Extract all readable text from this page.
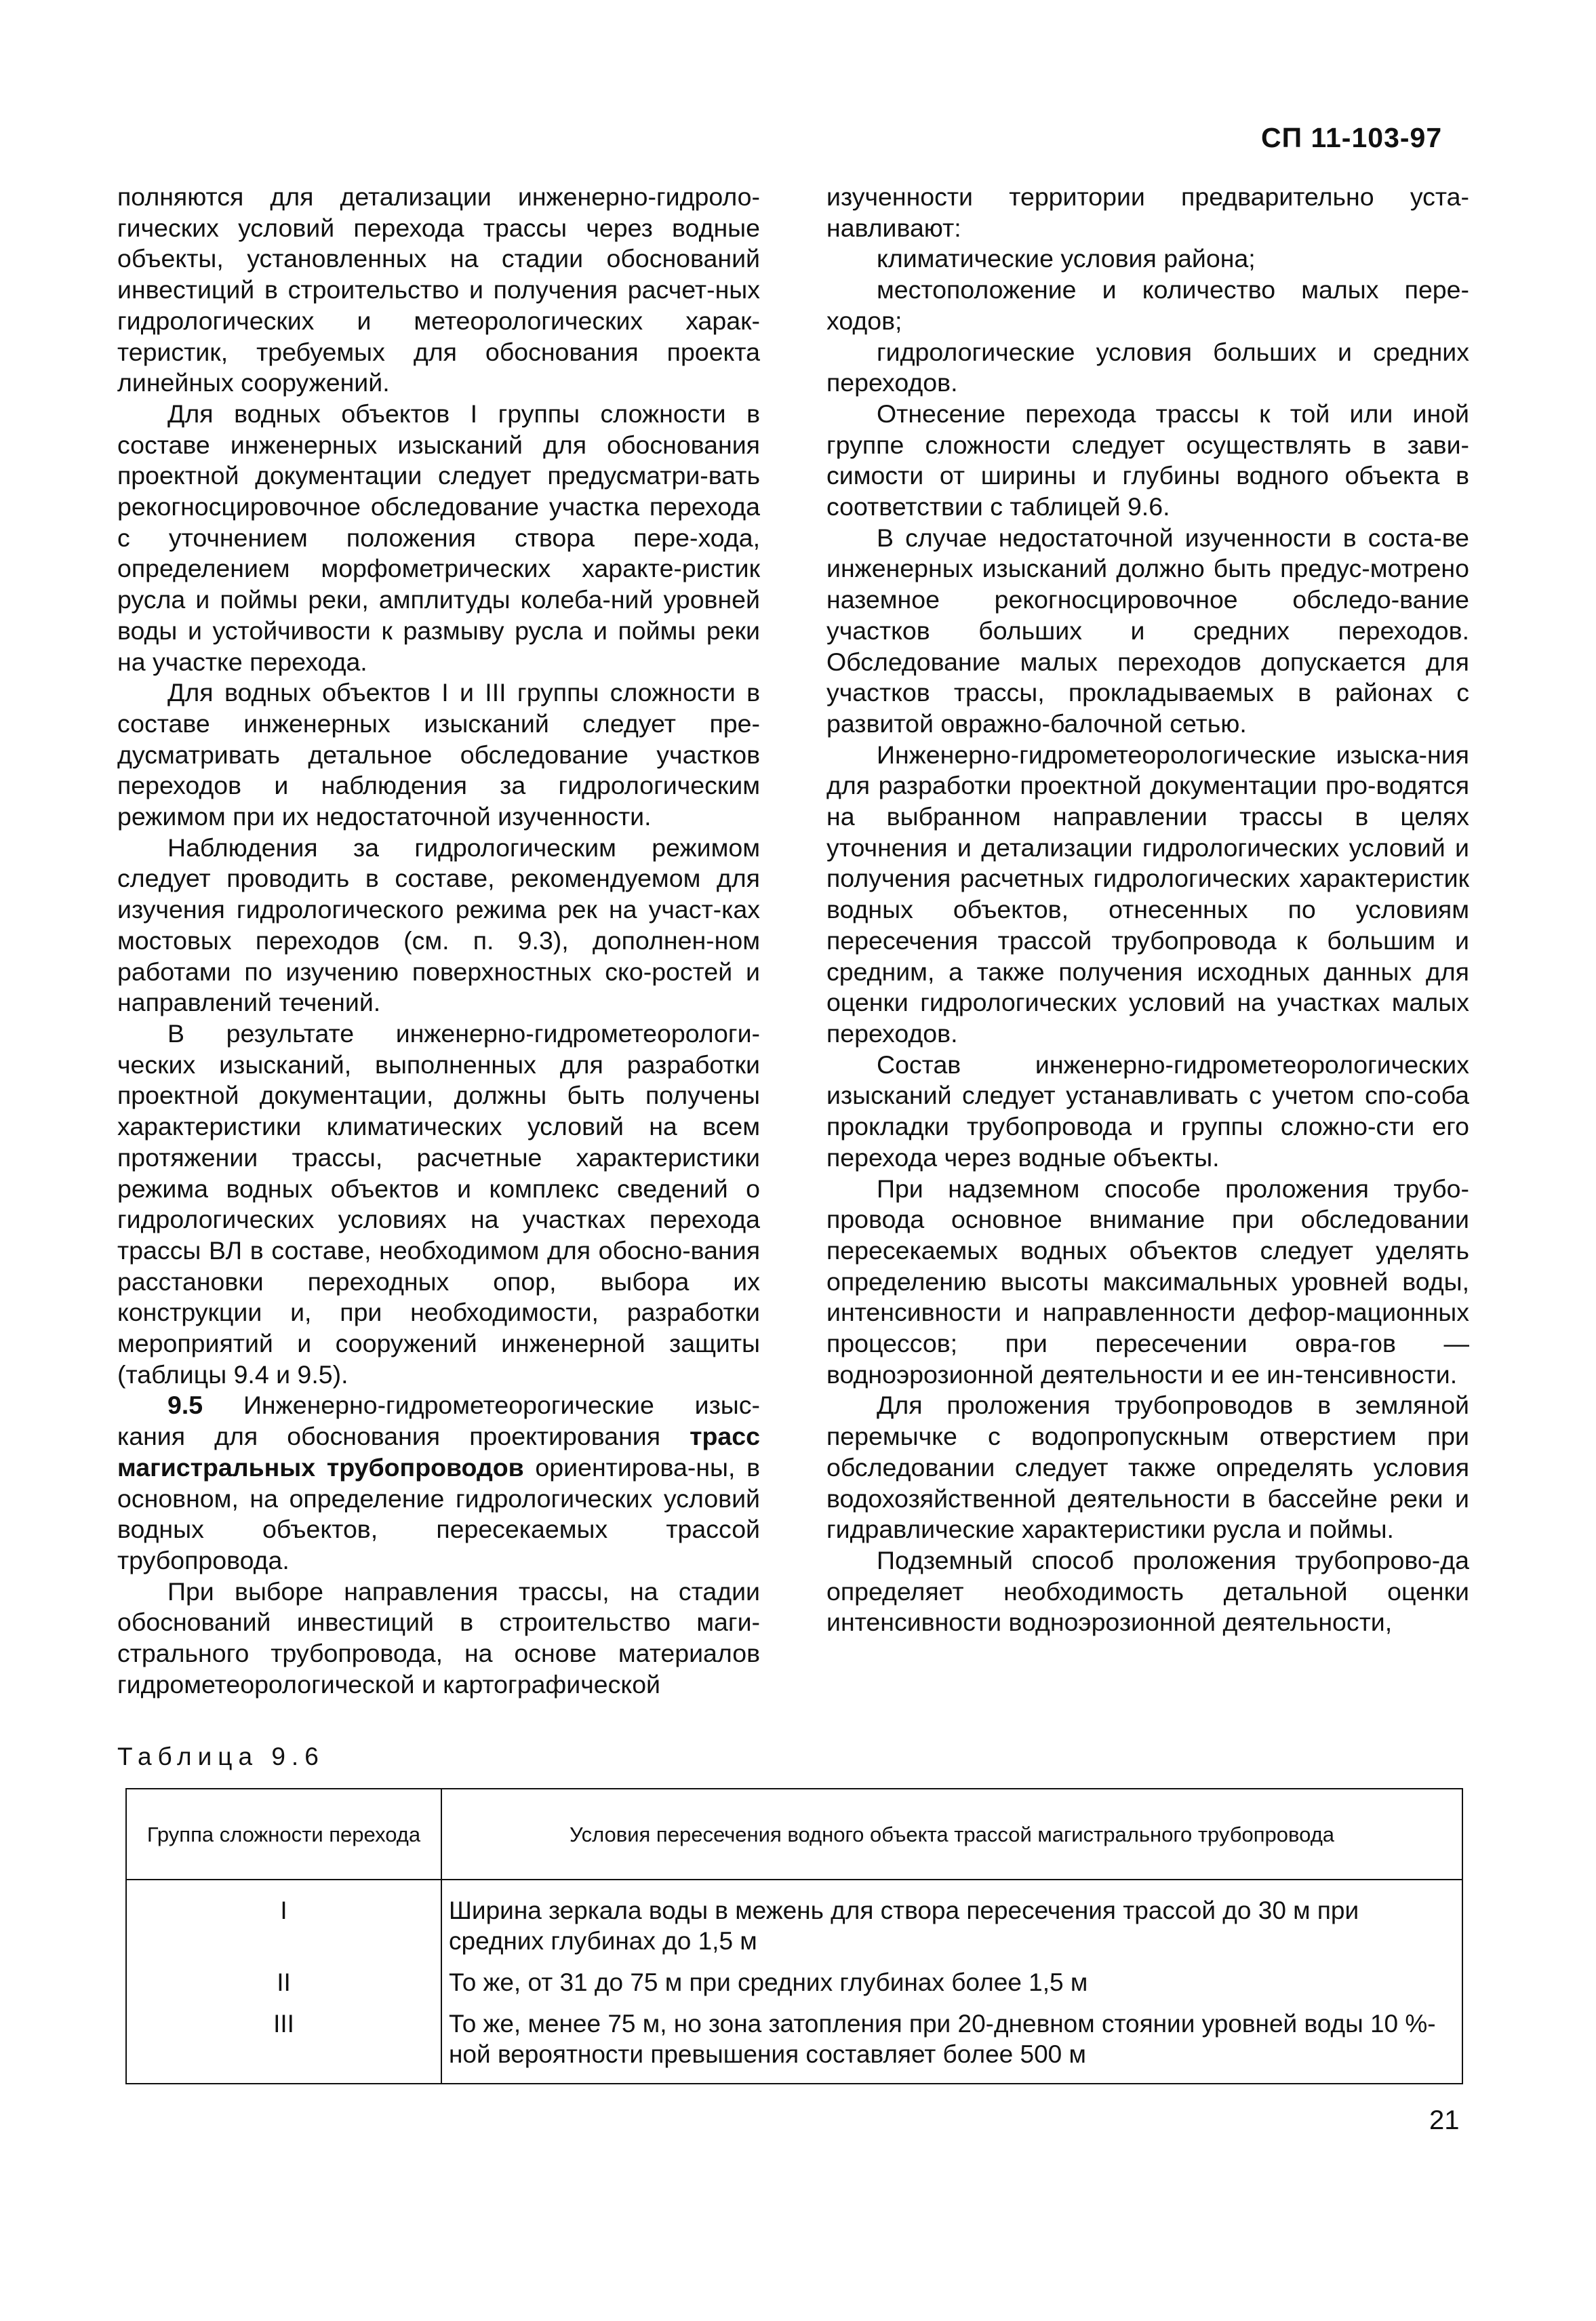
СП 11-103-97

полняются для детализации инженерно-гидроло-гических условий перехода трассы через водные объекты, установленных на стадии обоснований инвестиций в строительство и получения расчет-ных гидрологических и метеорологических харак-теристик, требуемых для обоснования проекта линейных сооружений.

Для водных объектов I группы сложности в составе инженерных изысканий для обоснования проектной документации следует предусматри-вать рекогносцировочное обследование участка перехода с уточнением положения створа пере-хода, определением морфометрических характе-ристик русла и поймы реки, амплитуды колеба-ний уровней воды и устойчивости к размыву русла и поймы реки на участке перехода.

Для водных объектов I и III группы сложности в составе инженерных изысканий следует пре-дусматривать детальное обследование участков переходов и наблюдения за гидрологическим режимом при их недостаточной изученности.

Наблюдения за гидрологическим режимом следует проводить в составе, рекомендуемом для изучения гидрологического режима рек на участ-ках мостовых переходов (см. п. 9.3), дополнен-ном работами по изучению поверхностных ско-ростей и направлений течений.

В результате инженерно-гидрометеорологи-ческих изысканий, выполненных для разработки проектной документации, должны быть получены характеристики климатических условий на всем протяжении трассы, расчетные характеристики режима водных объектов и комплекс сведений о гидрологических условиях на участках перехода трассы ВЛ в составе, необходимом для обосно-вания расстановки переходных опор, выбора их конструкции и, при необходимости, разработки мероприятий и сооружений инженерной защиты (таблицы 9.4 и 9.5).

9.5 Инженерно-гидрометеорогические изыс-кания для обоснования проектирования трасс магистральных трубопроводов ориентирова-ны, в основном, на определение гидрологических условий водных объектов, пересекаемых трассой трубопровода.

При выборе направления трассы, на стадии обоснований инвестиций в строительство маги-стрального трубопровода, на основе материалов гидрометеорологической и картографической

изученности территории предварительно уста-навливают:

климатические условия района;

местоположение и количество малых пере-ходов;

гидрологические условия больших и средних переходов.

Отнесение перехода трассы к той или иной группе сложности следует осуществлять в зави-симости от ширины и глубины водного объекта в соответствии с таблицей 9.6.

В случае недостаточной изученности в соста-ве инженерных изысканий должно быть предус-мотрено наземное рекогносцировочное обследо-вание участков больших и средних переходов. Обследование малых переходов допускается для участков трассы, прокладываемых в районах с развитой овражно-балочной сетью.

Инженерно-гидрометеорологические изыска-ния для разработки проектной документации про-водятся на выбранном направлении трассы в целях уточнения и детализации гидрологических условий и получения расчетных гидрологических характеристик водных объектов, отнесенных по условиям пересечения трассой трубопровода к большим и средним, а также получения исходных данных для оценки гидрологических условий на участках малых переходов.

Состав инженерно-гидрометеорологических изысканий следует устанавливать с учетом спо-соба прокладки трубопровода и группы сложно-сти его перехода через водные объекты.

При надземном способе проложения трубо-провода основное внимание при обследовании пересекаемых водных объектов следует уделять определению высоты максимальных уровней воды, интенсивности и направленности дефор-мационных процессов; при пересечении овра-гов — водноэрозионной деятельности и ее ин-тенсивности.

Для проложения трубопроводов в земляной перемычке с водопропускным отверстием при обследовании следует также определять условия водохозяйственной деятельности в бассейне реки и гидравлические характеристики русла и поймы.

Подземный способ проложения трубопрово-да определяет необходимость детальной оценки интенсивности водноэрозионной деятельности,

Таблица 9.6
Группа сложности перехода	Условия пересечения водного объекта трассой магистрального трубопровода
I	Ширина зеркала воды в межень для створа пересечения трассой до 30 м при средних глубинах до 1,5 м
II	То же, от 31 до 75 м при средних глубинах более 1,5 м
III	То же, менее 75 м, но зона затопления при 20-дневном стоянии уровней воды 10 %-ной вероятности превышения составляет более 500 м
21
